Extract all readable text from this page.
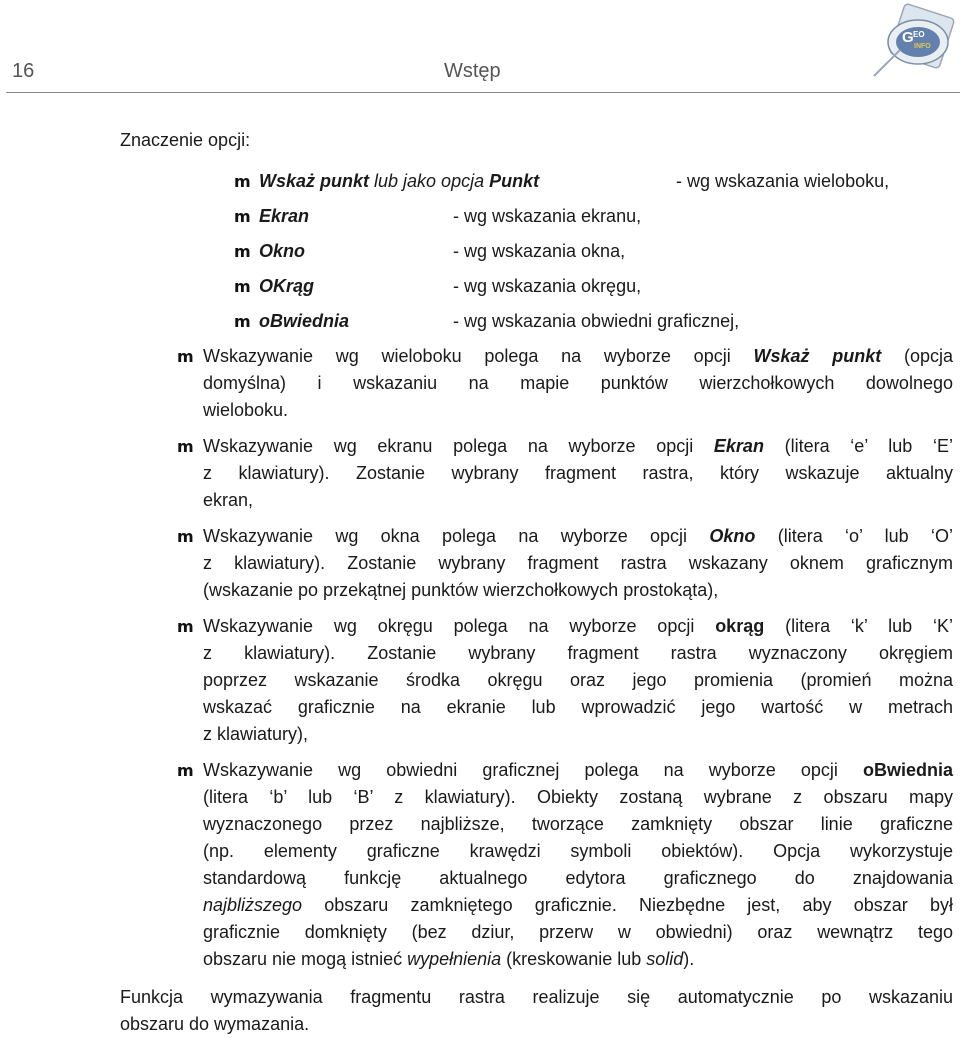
16	Wstęp
G EO
INFO
Znaczenie opcji:
m Wskaż punkt lub jako opcja Punkt	- wg wskazania wieloboku,
m Ekran	- wg wskazania ekranu,
m Okno	- wg wskazania okna,
m OKrąg	- wg wskazania okręgu,
m oBwiednia	- wg wskazania obwiedni graficznej,
m Wskazywanie wg wieloboku polega na wyborze opcji Wskaż punkt (opcja
domyślna) i wskazaniu na mapie punktów wierzchołkowych dowolnego
wieloboku.
m Wskazywanie wg ekranu polega na wyborze opcji Ekran (litera ‘e’ lub ‘E’
z klawiatury). Zostanie wybrany fragment rastra, który wskazuje aktualny
ekran,
m Wskazywanie wg okna polega na wyborze opcji Okno (litera ‘o’ lub ‘O’
z klawiatury). Zostanie wybrany fragment rastra wskazany oknem graficznym
(wskazanie po przekątnej punktów wierzchołkowych prostokąta),
m Wskazywanie wg okręgu polega na wyborze opcji okrąg (litera ‘k’ lub ‘K’
z klawiatury). Zostanie wybrany fragment rastra wyznaczony okręgiem
poprzez wskazanie środka okręgu oraz jego promienia (promień można
wskazać graficznie na ekranie lub wprowadzić jego wartość w metrach
z klawiatury),
m Wskazywanie wg obwiedni graficznej polega na wyborze opcji oBwiednia
(litera ‘b’ lub ‘B’ z klawiatury). Obiekty zostaną wybrane z obszaru mapy
wyznaczonego przez najbliższe, tworzące zamknięty obszar linie graficzne
(np. elementy graficzne krawędzi symboli obiektów). Opcja wykorzystuje
standardową funkcję aktualnego edytora graficznego do znajdowania
najbliższego obszaru zamkniętego graficznie. Niezbędne jest, aby obszar był
graficznie domknięty (bez dziur, przerw w obwiedni) oraz wewnątrz tego
obszaru nie mogą istnieć wypełnienia (kreskowanie lub solid).
Funkcja wymazywania fragmentu rastra realizuje się automatycznie po wskazaniu
obszaru do wymazania.
